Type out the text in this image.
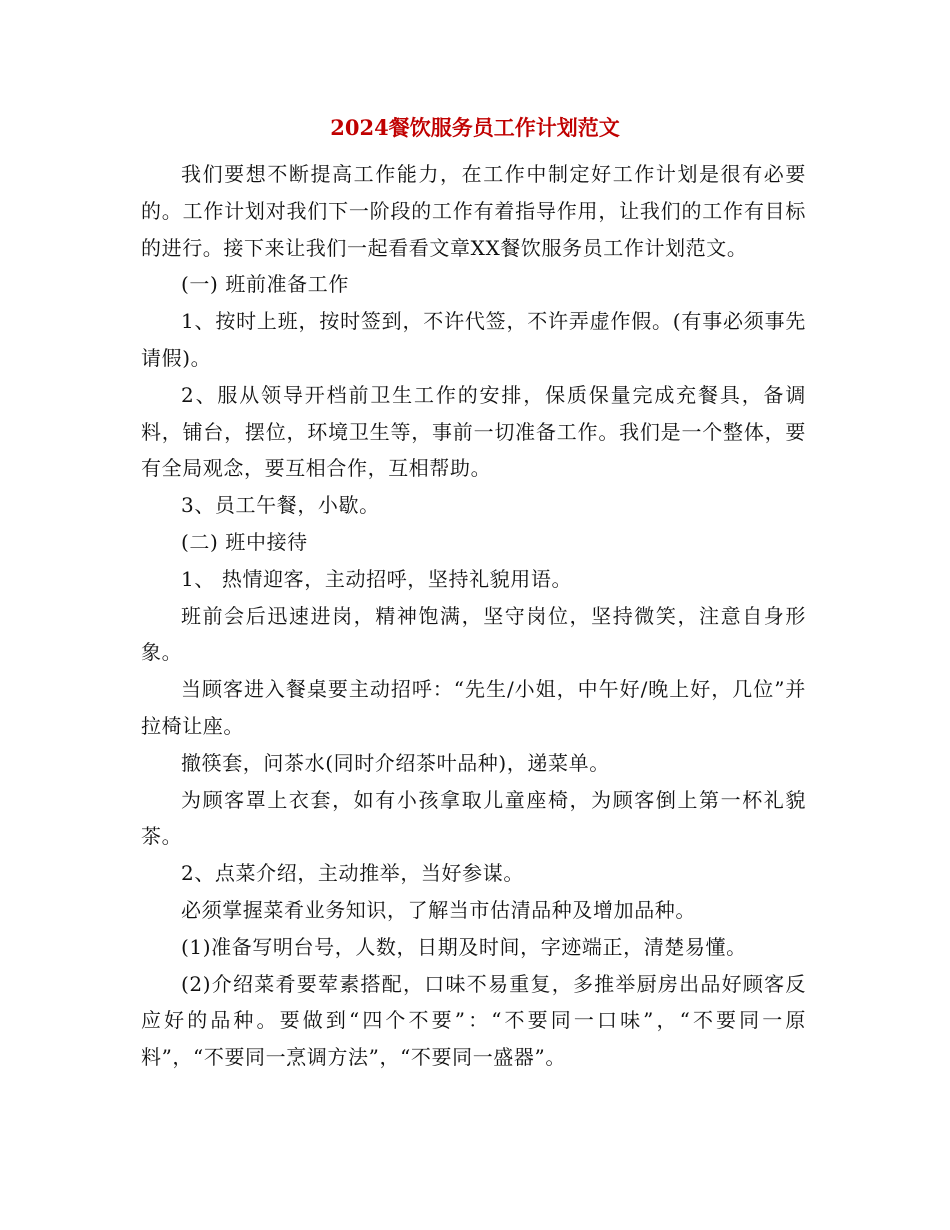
2024餐饮服务员工作计划范文

我们要想不断提高工作能力，在工作中制定好工作计划是很有必要的。工作计划对我们下一阶段的工作有着指导作用，让我们的工作有目标的进行。接下来让我们一起看看文章XX餐饮服务员工作计划范文。

(一) 班前准备工作

1、按时上班，按时签到，不许代签，不许弄虚作假。(有事必须事先请假)。

2、服从领导开档前卫生工作的安排，保质保量完成充餐具，备调料，铺台，摆位，环境卫生等，事前一切准备工作。我们是一个整体，要有全局观念，要互相合作，互相帮助。

3、员工午餐，小歇。

(二) 班中接待

1、 热情迎客，主动招呼，坚持礼貌用语。

班前会后迅速进岗，精神饱满，坚守岗位，坚持微笑，注意自身形象。

当顾客进入餐桌要主动招呼：“先生/小姐，中午好/晚上好，几位”并拉椅让座。

撤筷套，问茶水(同时介绍茶叶品种)，递菜单。

为顾客罩上衣套，如有小孩拿取儿童座椅，为顾客倒上第一杯礼貌茶。

2、点菜介绍，主动推举，当好参谋。

必须掌握菜肴业务知识，了解当市估清品种及增加品种。

(1)准备写明台号，人数，日期及时间，字迹端正，清楚易懂。

(2)介绍菜肴要荤素搭配，口味不易重复，多推举厨房出品好顾客反应好的品种。要做到“四个不要”：“不要同一口味”，“不要同一原料”，“不要同一烹调方法”，“不要同一盛器”。
